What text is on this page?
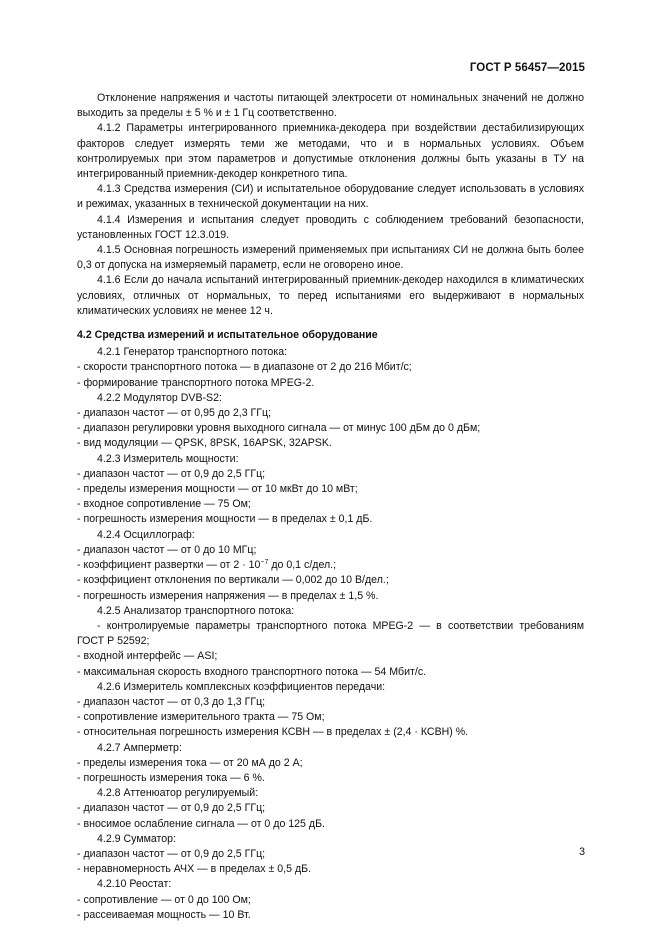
ГОСТ Р 56457—2015

Отклонение напряжения и частоты питающей электросети от номинальных значений не должно выходить за пределы ± 5 % и ± 1 Гц соответственно.

4.1.2 Параметры интегрированного приемника-декодера при воздействии дестабилизирующих факторов следует измерять теми же методами, что и в нормальных условиях. Объем контролируемых при этом параметров и допустимые отклонения должны быть указаны в ТУ на интегрированный приемник-декодер конкретного типа.

4.1.3 Средства измерения (СИ) и испытательное оборудование следует использовать в условиях и режимах, указанных в технической документации на них.

4.1.4 Измерения и испытания следует проводить с соблюдением требований безопасности, установленных ГОСТ 12.3.019.

4.1.5 Основная погрешность измерений применяемых при испытаниях СИ не должна быть более 0,3 от допуска на измеряемый параметр, если не оговорено иное.

4.1.6 Если до начала испытаний интегрированный приемник-декодер находился в климатических условиях, отличных от нормальных, то перед испытаниями его выдерживают в нормальных климатических условиях не менее 12 ч.

4.2 Средства измерений и испытательное оборудование

4.2.1 Генератор транспортного потока:

- скорости транспортного потока — в диапазоне от 2 до 216 Мбит/с;

- формирование транспортного потока MPEG-2.

4.2.2 Модулятор DVB-S2:

- диапазон частот — от 0,95 до 2,3 ГГц;

- диапазон регулировки уровня выходного сигнала — от минус 100 дБм до 0 дБм;

- вид модуляции — QPSK, 8PSK, 16APSK, 32APSK.

4.2.3 Измеритель мощности:

- диапазон частот — от 0,9 до 2,5 ГГц;

- пределы измерения мощности — от 10 мкВт до 10 мВт;

- входное сопротивление — 75 Ом;

- погрешность измерения мощности — в пределах ± 0,1 дБ.

4.2.4 Осциллограф:

- диапазон частот — от 0 до 10 МГц;

- коэффициент развертки — от $2 \cdot 10^{-7}$ до 0,1 с/дел.;

- коэффициент отклонения по вертикали — 0,002 до 10 В/дел.;

- погрешность измерения напряжения — в пределах ± 1,5 %.

4.2.5 Анализатор транспортного потока:

- контролируемые параметры транспортного потока MPEG-2 — в соответствии требованиям ГОСТ Р 52592;

- входной интерфейс — ASI;

- максимальная скорость входного транспортного потока — 54 Мбит/с.

4.2.6 Измеритель комплексных коэффициентов передачи:

- диапазон частот — от 0,3 до 1,3 ГГц;

- сопротивление измерительного тракта — 75 Ом;

- относительная погрешность измерения КСВН — в пределах ± (2,4 · КСВН) %.

4.2.7 Амперметр:

- пределы измерения тока — от 20 мА до 2 А;

- погрешность измерения тока — 6 %.

4.2.8 Аттенюатор регулируемый:

- диапазон частот — от 0,9 до 2,5 ГГц;

- вносимое ослабление сигнала — от 0 до 125 дБ.

4.2.9 Сумматор:

- диапазон частот — от 0,9 до 2,5 ГГц;

- неравномерность АЧХ — в пределах ± 0,5 дБ.

4.2.10 Реостат:

- сопротивление — от 0 до 100 Ом;

- рассеиваемая мощность — 10 Вт.

3
